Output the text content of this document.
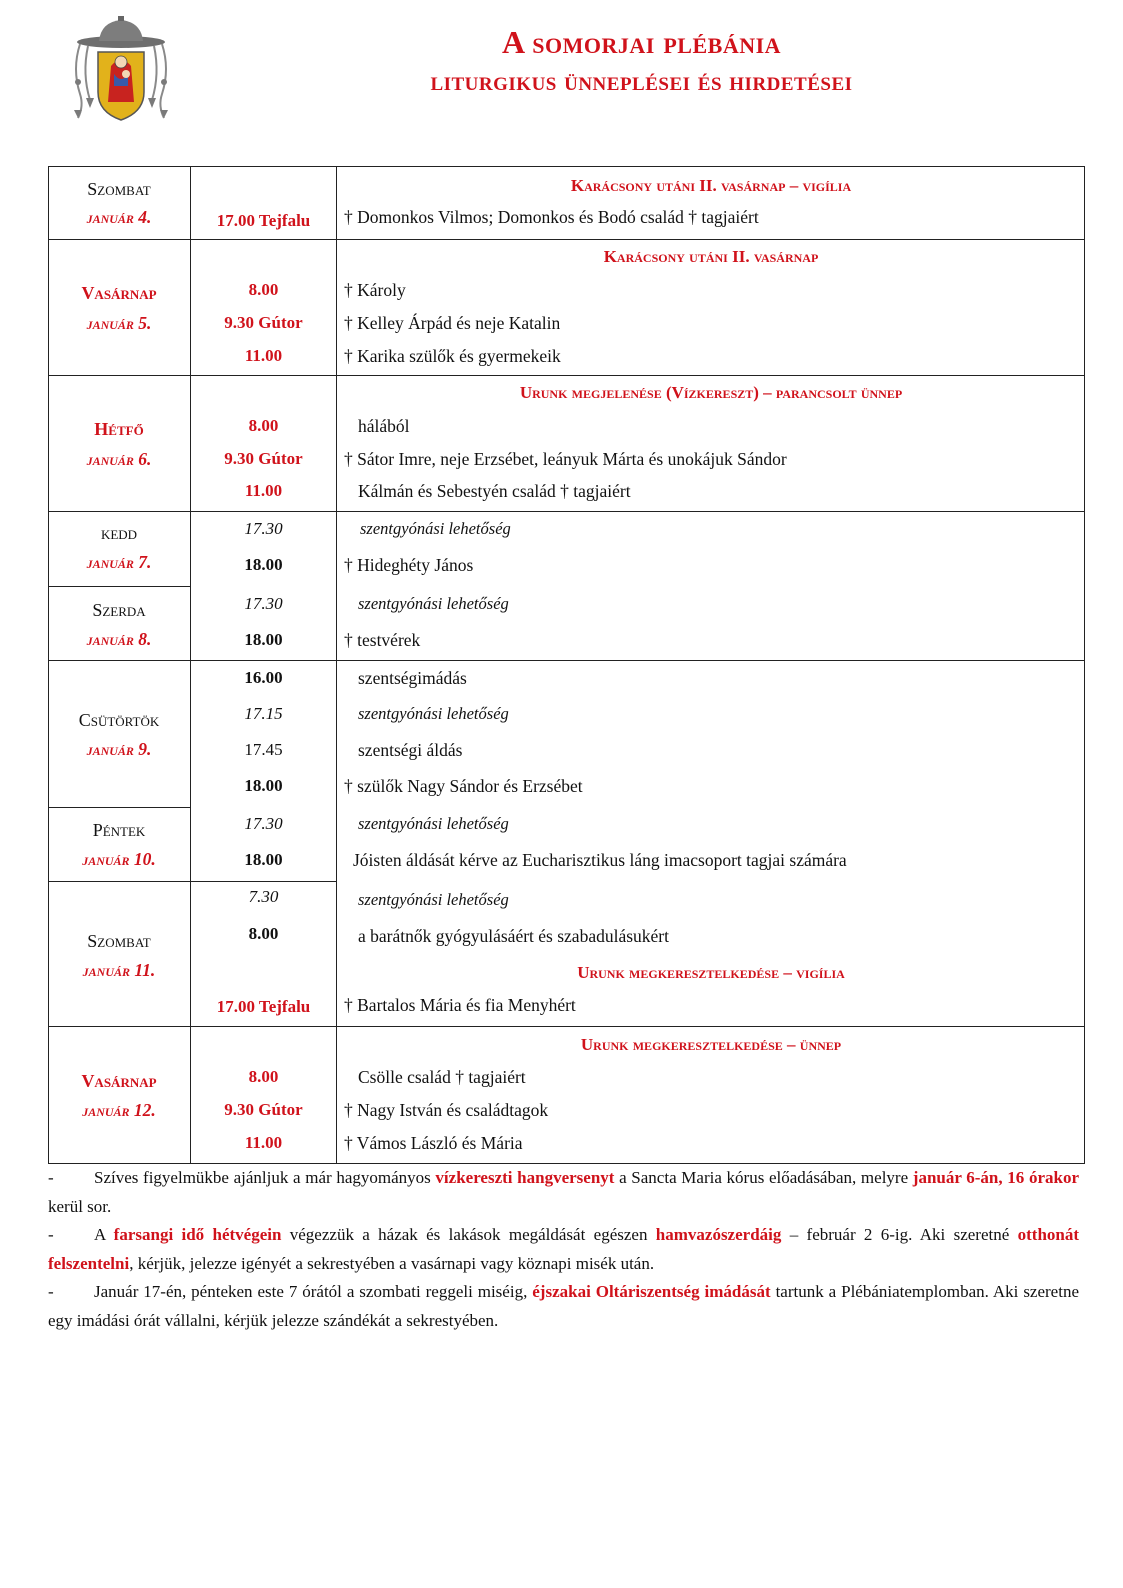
A somorjai plébánia
liturgikus ünneplései és hirdetései
Szombat
január 4.
Karácsony utáni II. vasárnap – vigília
17.00 Tejfalu	† Domonkos Vilmos; Domonkos és Bodó család † tagjaiért
Vasárnap
január 5.
Karácsony utáni II. vasárnap
8.00	† Károly
9.30 Gútor	† Kelley Árpád és neje Katalin
11.00	† Karika szülők és gyermekeik
Hétfő
január 6.
Urunk megjelenése (Vízkereszt) – parancsolt ünnep
8.00	hálából
9.30 Gútor	† Sátor Imre, neje Erzsébet, leányuk Márta és unokájuk Sándor
11.00	Kálmán és Sebestyén család † tagjaiért
kedd
január 7.
17.30	szentgyónási lehetőség
18.00	† Hideghéty János
Szerda
január 8.
17.30	szentgyónási lehetőség
18.00	† testvérek
Csütörtök
január 9.
16.00	szentségimádás
17.15	szentgyónási lehetőség
17.45	szentségi áldás
18.00	† szülők Nagy Sándor és Erzsébet
Péntek
január 10.
17.30	szentgyónási lehetőség
18.00	Jóisten áldását kérve az Eucharisztikus láng imacsoport tagjai számára
Szombat
január 11.
7.30	szentgyónási lehetőség
8.00	a barátnők gyógyulásáért és szabadulásukért
Urunk megkeresztelkedése – vigília
17.00 Tejfalu	† Bartalos Mária és fia Menyhért
Vasárnap
január 12.
Urunk megkeresztelkedése – ünnep
8.00	Csölle család † tagjaiért
9.30 Gútor	† Nagy István és családtagok
11.00	† Vámos László és Mária
- Szíves figyelmükbe ajánljuk a már hagyományos vízkereszti hangversenyt a Sancta Maria kórus előadásában, melyre január 6-án, 16 órakor kerül sor.
- A farsangi idő hétvégein végezzük a házak és lakások megáldását egészen hamvazószerdáig – február 2 6-ig. Aki szeretné otthonát felszentelni, kérjük, jelezze igényét a sekrestyében a vasárnapi vagy köznapi misék után.
- Január 17-én, pénteken este 7 órától a szombati reggeli miséig, éjszakai Oltáriszentség imádását tartunk a Plébániatemplomban. Aki szeretne egy imádási órát vállalni, kérjük jelezze szándékát a sekrestyében.
